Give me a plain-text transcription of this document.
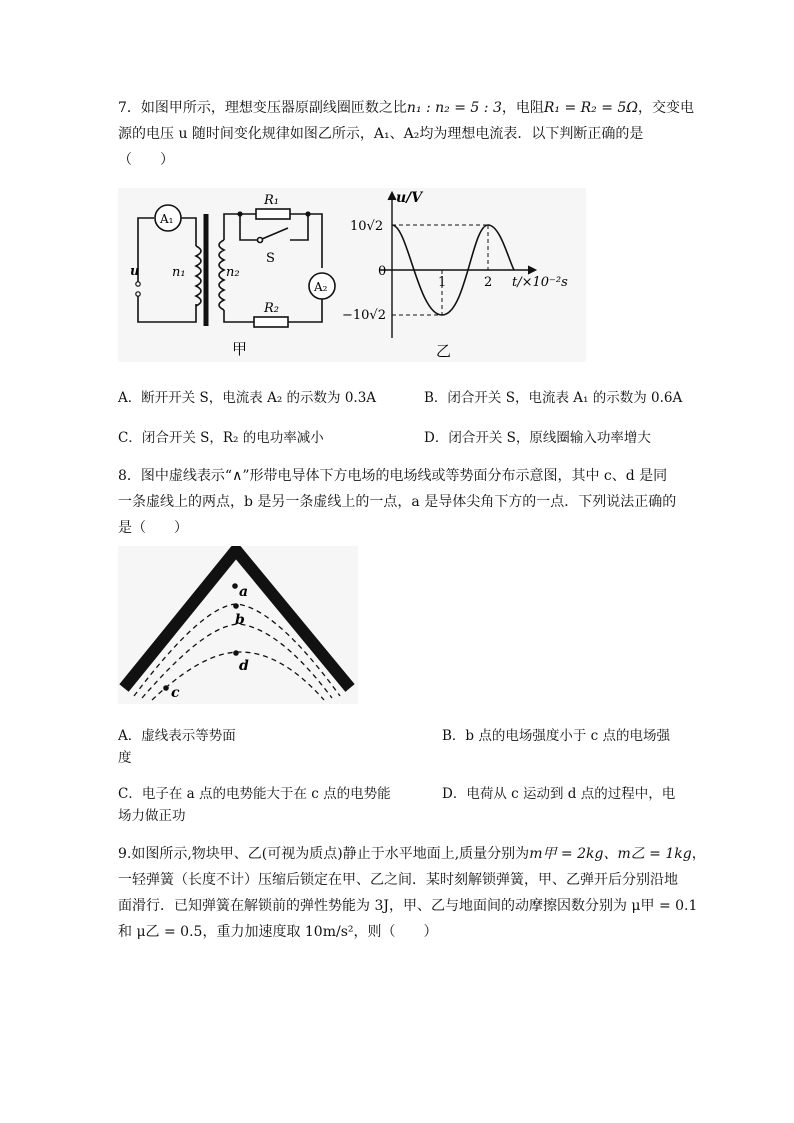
7．如图甲所示，理想变压器原副线圈匝数之比n₁ : n₂ = 5 : 3，电阻R₁ = R₂ = 5Ω，交变电
源的电压 u 随时间变化规律如图乙所示，A₁、A₂均为理想电流表．以下判断正确的是
（　　）
A₁
A₂
R₁
R₂
S
u	n₁	n₂
甲
u/V
10√2
0
−10√2
1	2 t/×10⁻²s
乙
A．断开开关 S，电流表 A₂ 的示数为 0.3A	B．闭合开关 S，电流表 A₁ 的示数为 0.6A
C．闭合开关 S，R₂ 的电功率减小	D．闭合开关 S，原线圈输入功率增大
8．图中虚线表示“∧”形带电导体下方电场的电场线或等势面分布示意图，其中 c、d 是同
一条虚线上的两点，b 是另一条虚线上的一点，a 是导体尖角下方的一点．下列说法正确的
是（　　）
a
b
d
c
A．虚线表示等势面	B．b 点的电场强度小于 c 点的电场强
度
C．电子在 a 点的电势能大于在 c 点的电势能	D．电荷从 c 运动到 d 点的过程中，电
场力做正功
9.如图所示,物块甲、乙(可视为质点)静止于水平地面上,质量分别为m甲 = 2kg、m乙 = 1kg，
一轻弹簧（长度不计）压缩后锁定在甲、乙之间．某时刻解锁弹簧，甲、乙弹开后分别沿地
面滑行．已知弹簧在解锁前的弹性势能为 3J，甲、乙与地面间的动摩擦因数分别为 μ甲 = 0.1
和 μ乙 = 0.5，重力加速度取 10m/s²，则（　　）
